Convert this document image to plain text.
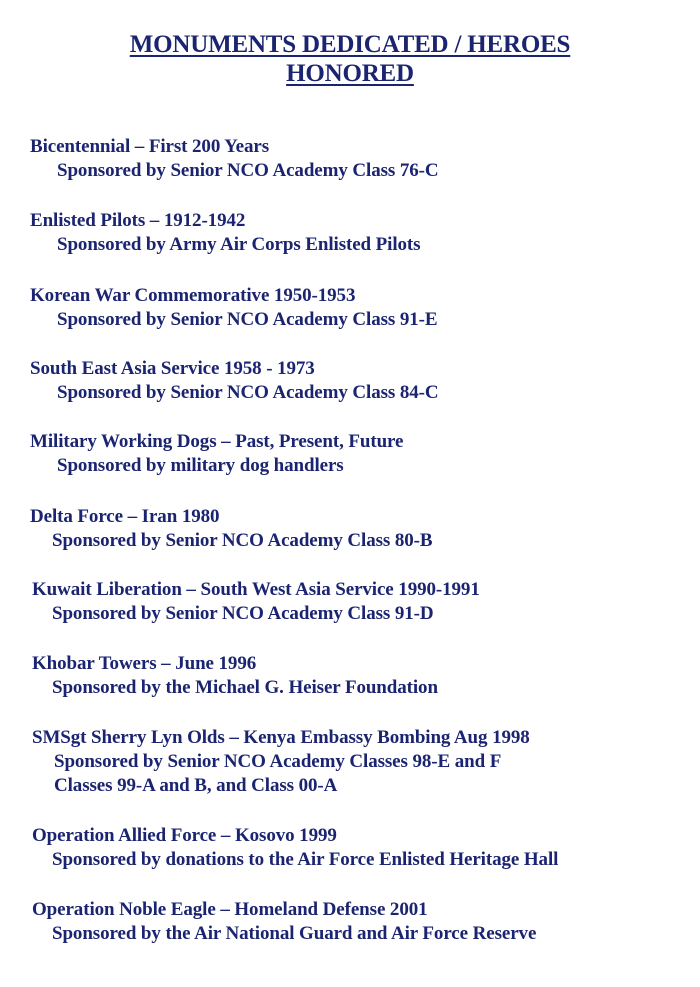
MONUMENTS DEDICATED / HEROES
HONORED
Bicentennial – First 200 Years
Sponsored by Senior NCO Academy Class 76-C
Enlisted Pilots – 1912-1942
Sponsored by Army Air Corps Enlisted Pilots
Korean War Commemorative 1950-1953
Sponsored by Senior NCO Academy Class 91-E
South East Asia Service 1958 - 1973
Sponsored by Senior NCO Academy Class 84-C
Military Working Dogs – Past, Present, Future
Sponsored by military dog handlers
Delta Force – Iran 1980
Sponsored by Senior NCO Academy Class 80-B
Kuwait Liberation – South West Asia Service 1990-1991
Sponsored by Senior NCO Academy Class 91-D
Khobar Towers – June 1996
Sponsored by the Michael G. Heiser Foundation
SMSgt Sherry Lyn Olds – Kenya Embassy Bombing Aug 1998
Sponsored by Senior NCO Academy Classes 98-E and F
Classes 99-A and B, and Class 00-A
Operation Allied Force – Kosovo 1999
Sponsored by donations to the Air Force Enlisted Heritage Hall
Operation Noble Eagle – Homeland Defense 2001
Sponsored by the Air National Guard and Air Force Reserve
